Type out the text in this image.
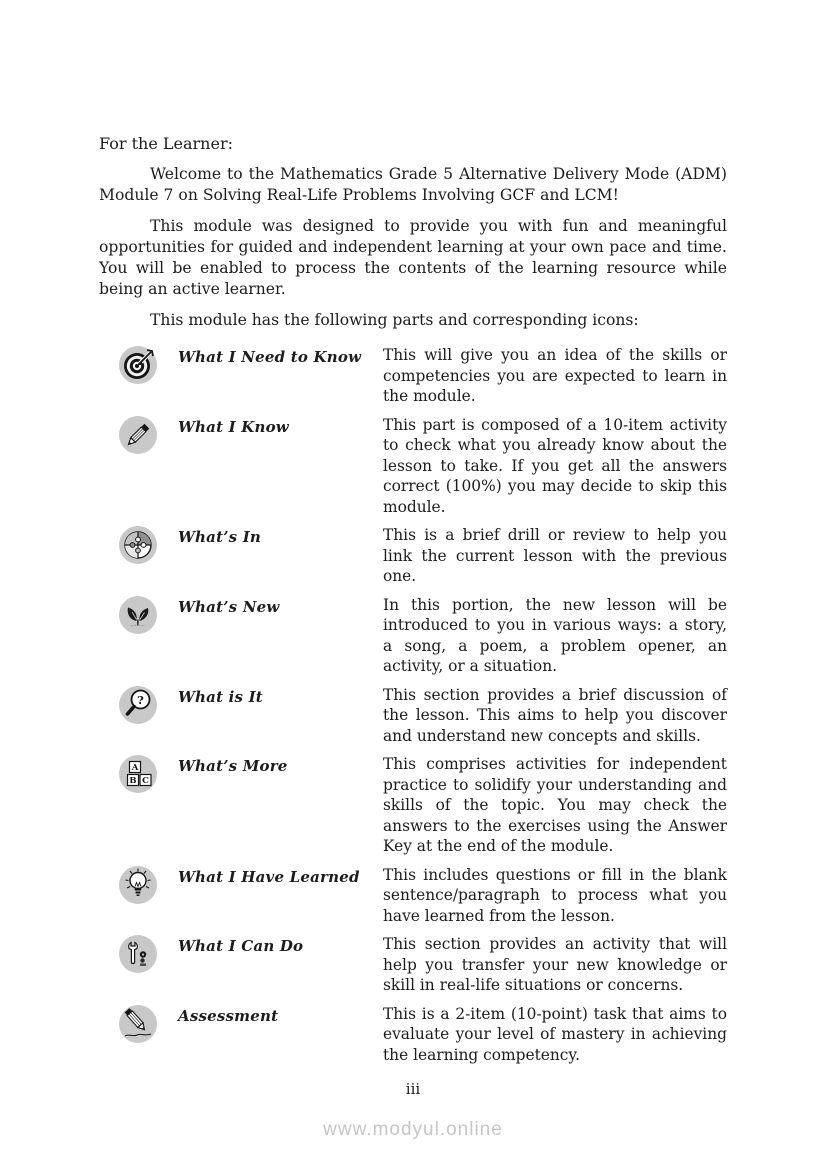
For the Learner:

Welcome to the Mathematics Grade 5 Alternative Delivery Mode (ADM) Module 7 on Solving Real-Life Problems Involving GCF and LCM!

This module was designed to provide you with fun and meaningful opportunities for guided and independent learning at your own pace and time. You will be enabled to process the contents of the learning resource while being an active learner.

This module has the following parts and corresponding icons:

What I Need to Know	This will give you an idea of the skills or competencies you are expected to learn in the module.
What I Know	This part is composed of a 10-item activity to check what you already know about the lesson to take. If you get all the answers correct (100%) you may decide to skip this module.
What’s In	This is a brief drill or review to help you link the current lesson with the previous one.
What’s New	In this portion, the new lesson will be introduced to you in various ways: a story, a song, a poem, a problem opener, an activity, or a situation.
? What is It	This section provides a brief discussion of the lesson. This aims to help you discover and understand new concepts and skills.
A
B C
What’s More	This comprises activities for independent practice to solidify your understanding and skills of the topic. You may check the answers to the exercises using the Answer Key at the end of the module.
What I Have Learned	This includes questions or fill in the blank sentence/paragraph to process what you have learned from the lesson.
What I Can Do	This section provides an activity that will help you transfer your new knowledge or skill in real-life situations or concerns.
Assessment	This is a 2-item (10-point) task that aims to evaluate your level of mastery in achieving the learning competency.
iii
www.modyul.online
